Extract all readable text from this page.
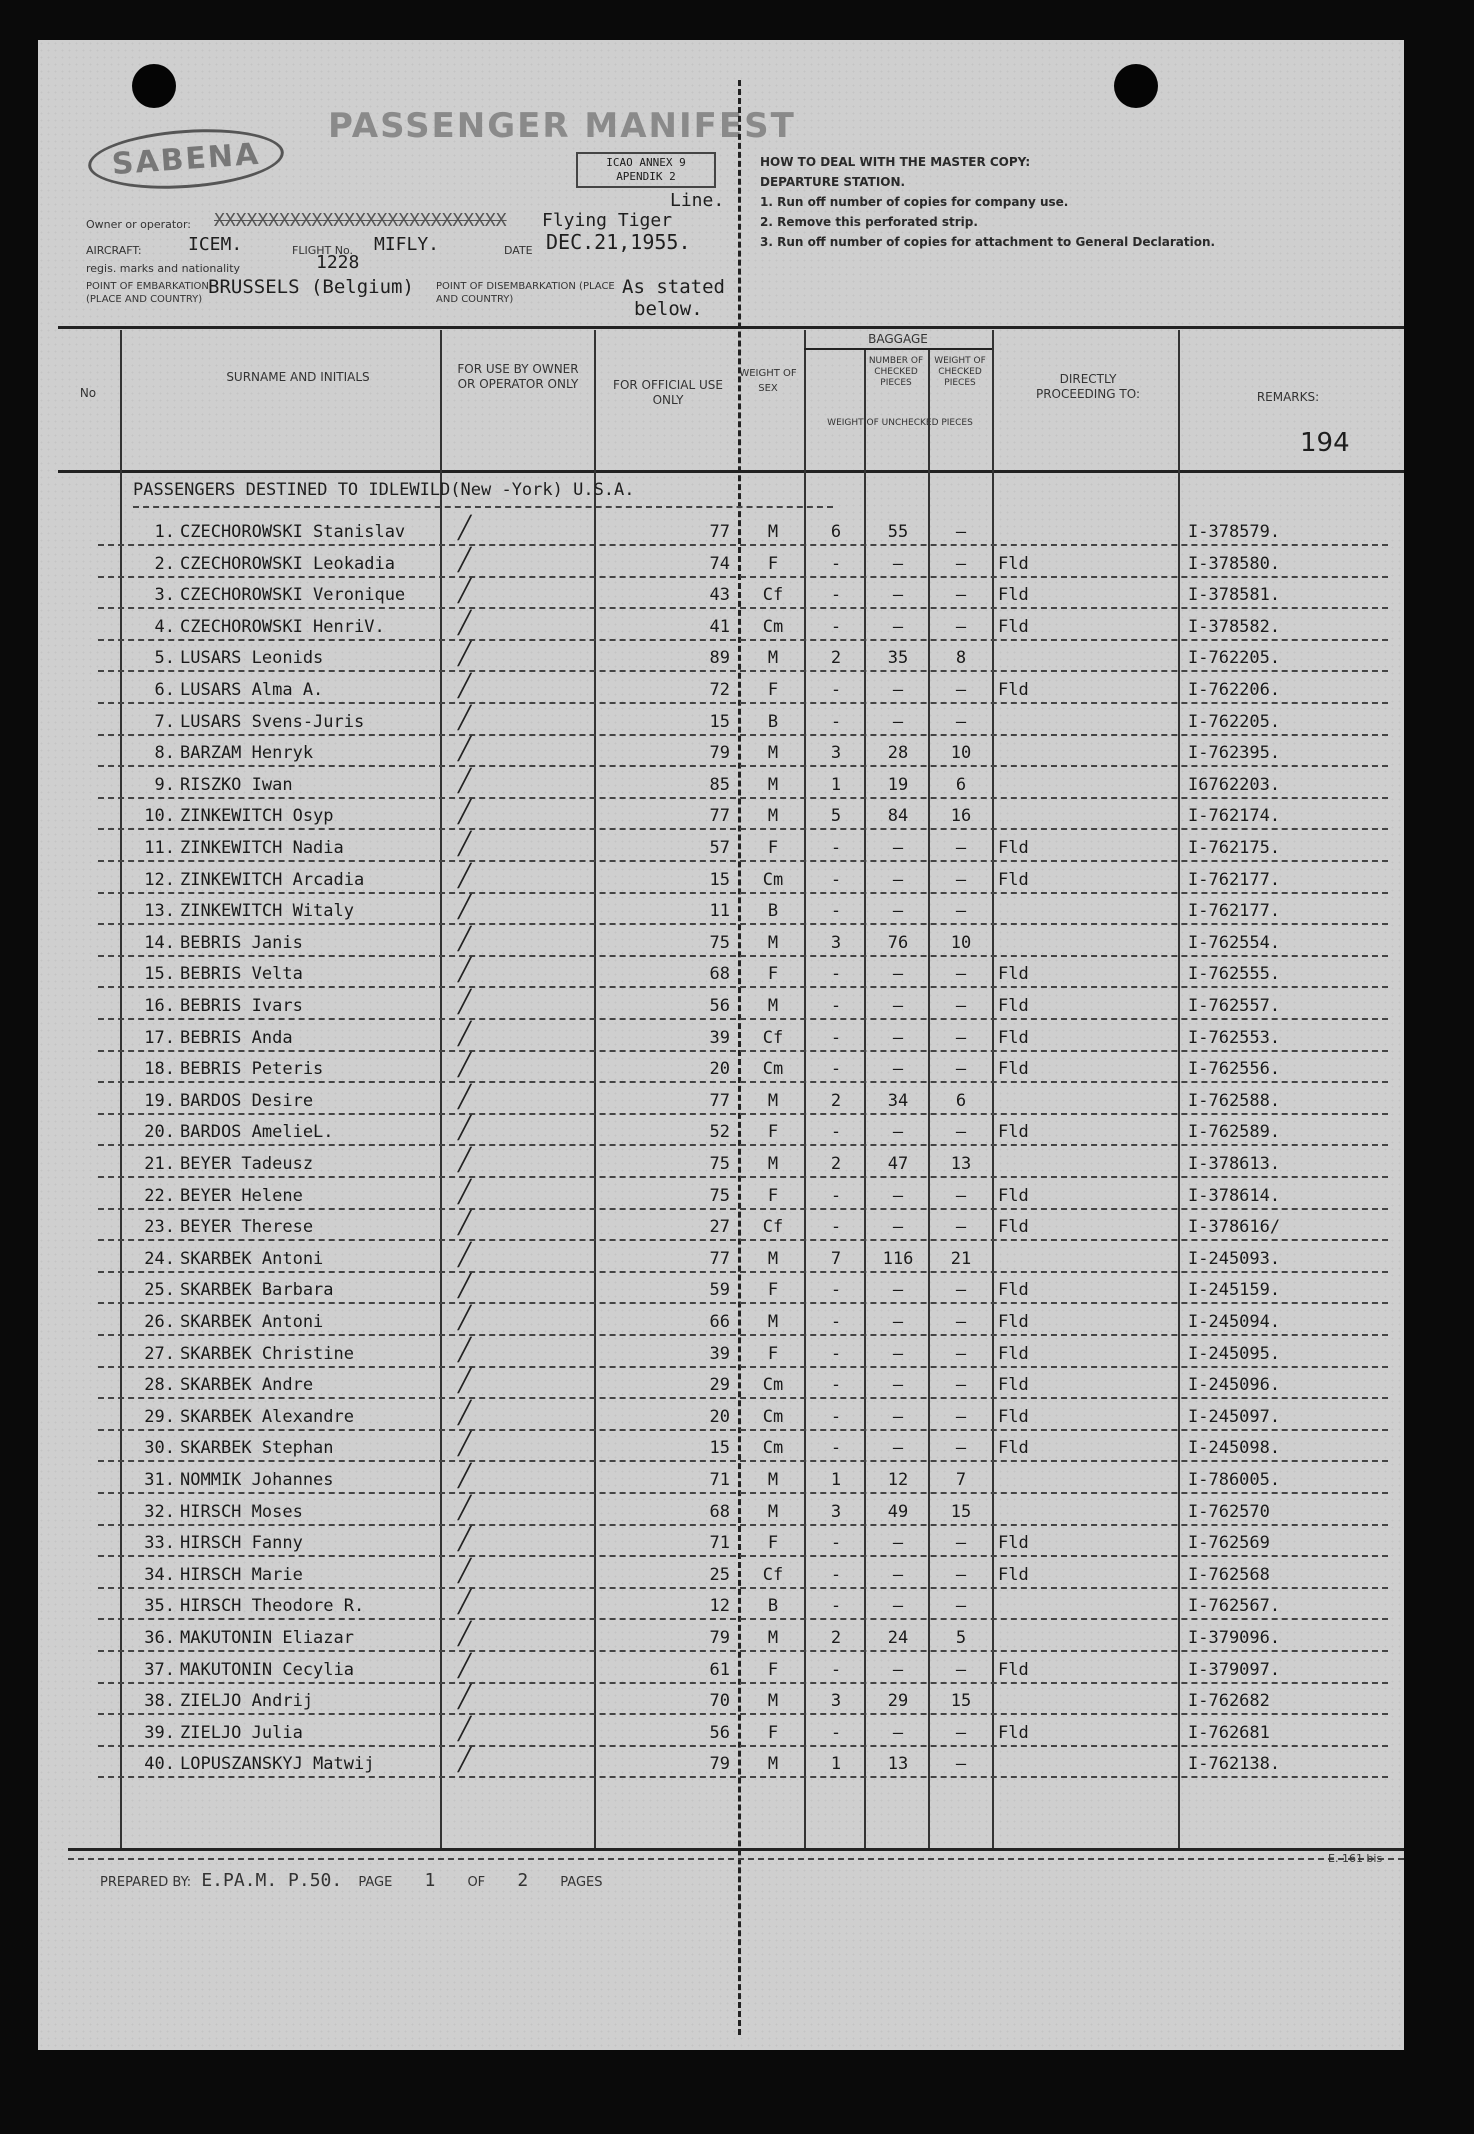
PASSENGER MANIFEST
SABENA	ICAO ANNEX 9
APENDIK 2
Line.
Owner or operator: XXXXXXXXXXXXXXXXXXXXXXXXXXX Flying Tiger
AIRCRAFT:	ICEM.	FLIGHT No. MIFLY.	DATE DEC.21,1955.
regis. marks and nationality	1228
POINT OF EMBARKATION (PLACE AND COUNTRY)
BRUSSELS (Belgium) POINT OF DISEMBARKATION (PLACE AND COUNTRY)
As stated
below.
HOW TO DEAL WITH THE MASTER COPY:
DEPARTURE STATION.
1. Run off number of copies for company use.
2. Remove this perforated strip.
3. Run off number of copies for attachment to General Declaration.
No
SURNAME AND INITIALS
FOR USE BY OWNER OR OPERATOR ONLY	FOR OFFICIAL USE ONLY
WEIGHT OF SEX
BAGGAGE
NUMBER OF CHECKED PIECES
WEIGHT OF CHECKED PIECES
WEIGHT OF UNCHECKED PIECES
DIRECTLY PROCEEDING TO:	REMARKS:
194
PASSENGERS DESTINED TO IDLEWILD(New -York) U.S.A.
1. CZECHOROWSKI Stanislav	77	M	6	55	—	I-378579.
╱
2. CZECHOROWSKI Leokadia	74	F	-	—	—	Fld	I-378580.
╱
3. CZECHOROWSKI Veronique	43	Cf	-	—	—	Fld	I-378581.
╱
4. CZECHOROWSKI HenriV.	41	Cm	-	—	—	Fld	I-378582.
╱
5. LUSARS Leonids	89	M	2	35	8	I-762205.
╱
6. LUSARS Alma A.	72	F	-	—	—	Fld	I-762206.
╱
7. LUSARS Svens-Juris	15	B	-	—	—	I-762205.
╱
8. BARZAM Henryk	79	M	3	28	10	I-762395.
╱
9. RISZKO Iwan	85	M	1	19	6	I6762203.
╱
10. ZINKEWITCH Osyp	77	M	5	84	16	I-762174.
╱
11. ZINKEWITCH Nadia	57	F	-	—	—	Fld	I-762175.
╱
12. ZINKEWITCH Arcadia	15	Cm	-	—	—	Fld	I-762177.
╱
13. ZINKEWITCH Witaly	11	B	-	—	—	I-762177.
╱
14. BEBRIS Janis	75	M	3	76	10	I-762554.
╱
15. BEBRIS Velta	68	F	-	—	—	Fld	I-762555.
╱
16. BEBRIS Ivars	56	M	-	—	—	Fld	I-762557.
╱
17. BEBRIS Anda	39	Cf	-	—	—	Fld	I-762553.
╱
18. BEBRIS Peteris	20	Cm	-	—	—	Fld	I-762556.
╱
19. BARDOS Desire	77	M	2	34	6	I-762588.
╱
20. BARDOS AmelieL.	52	F	-	—	—	Fld	I-762589.
╱
21. BEYER Tadeusz	75	M	2	47	13	I-378613.
╱
22. BEYER Helene	75	F	-	—	—	Fld	I-378614.
╱
23. BEYER Therese	27	Cf	-	—	—	Fld	I-378616/
╱
24. SKARBEK Antoni	77	M	7	116	21	I-245093.
╱
25. SKARBEK Barbara	59	F	-	—	—	Fld	I-245159.
╱
26. SKARBEK Antoni	66	M	-	—	—	Fld	I-245094.
╱
27. SKARBEK Christine	39	F	-	—	—	Fld	I-245095.
╱
28. SKARBEK Andre	29	Cm	-	—	—	Fld	I-245096.
╱
29. SKARBEK Alexandre	20	Cm	-	—	—	Fld	I-245097.
╱
30. SKARBEK Stephan	15	Cm	-	—	—	Fld	I-245098.
╱
31. NOMMIK Johannes	71	M	1	12	7	I-786005.
╱
32. HIRSCH Moses	68	M	3	49	15	I-762570
╱
33. HIRSCH Fanny	71	F	-	—	—	Fld	I-762569
╱
34. HIRSCH Marie	25	Cf	-	—	—	Fld	I-762568
╱
35. HIRSCH Theodore R.	12	B	-	—	—	I-762567.
╱
36. MAKUTONIN Eliazar	79	M	2	24	5	I-379096.
╱
37. MAKUTONIN Cecylia	61	F	-	—	—	Fld	I-379097.
╱
38. ZIELJO Andrij	70	M	3	29	15	I-762682
╱
39. ZIELJO Julia	56	F	-	—	—	Fld	I-762681
╱
40. LOPUSZANSKYJ Matwij	79	M	1	13	—	I-762138.
╱
PREPARED BY: E.PA.M. P.50. PAGE 1 OF 2 PAGES
E. 161 bis
